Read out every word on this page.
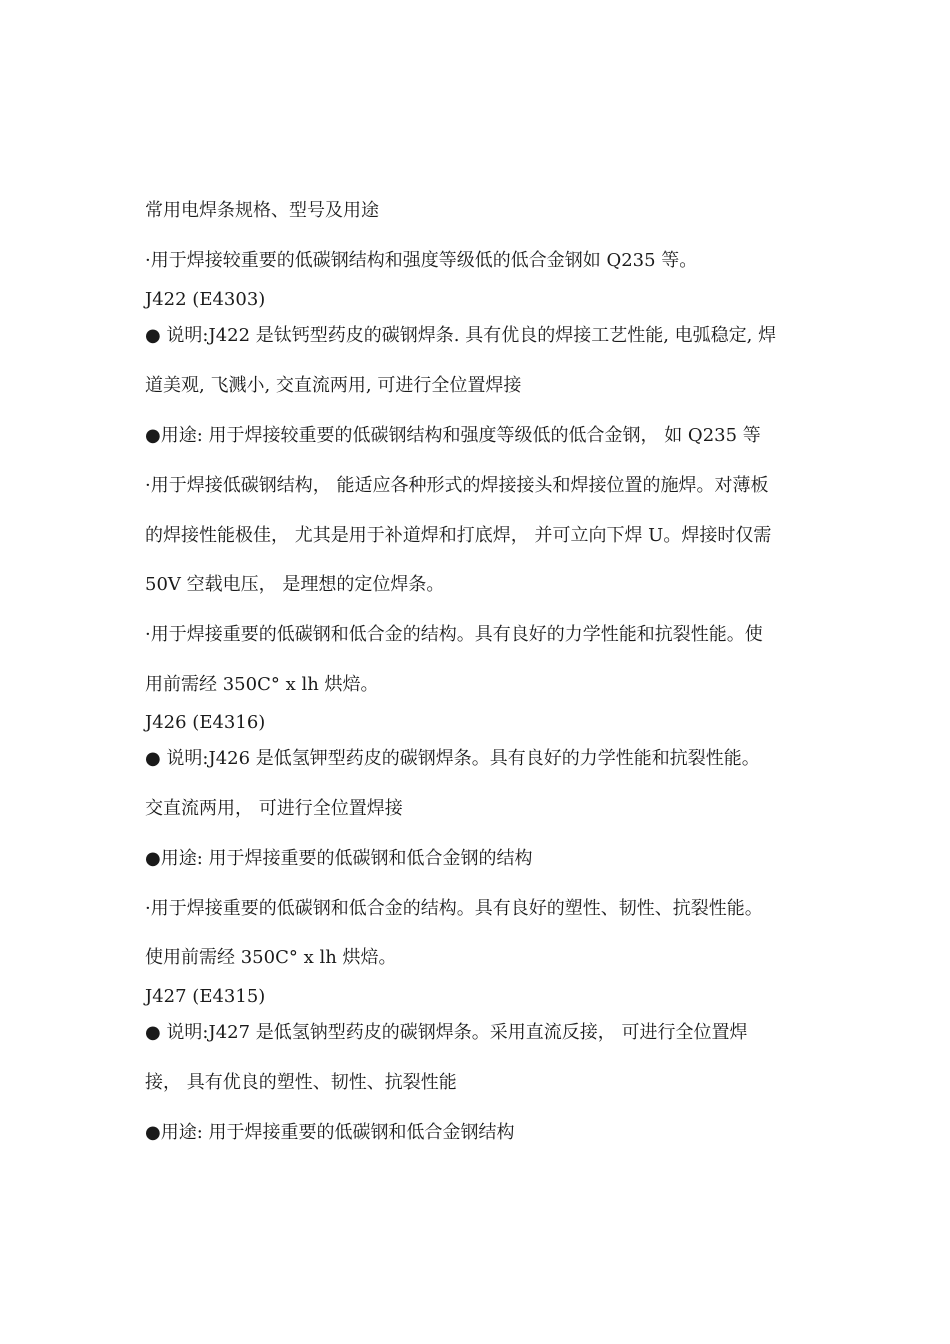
常用电焊条规格、型号及用途

·用于焊接较重要的低碳钢结构和强度等级低的低合金钢如 Q235 等。

J422 (E4303)

● 说明:J422 是钛钙型药皮的碳钢焊条. 具有优良的焊接工艺性能, 电弧稳定, 焊

道美观, 飞溅小, 交直流两用, 可进行全位置焊接

●用途: 用于焊接较重要的低碳钢结构和强度等级低的低合金钢， 如 Q235 等

·用于焊接低碳钢结构， 能适应各种形式的焊接接头和焊接位置的施焊。对薄板

的焊接性能极佳， 尤其是用于补道焊和打底焊， 并可立向下焊 U。焊接时仅需

50V 空载电压， 是理想的定位焊条。

·用于焊接重要的低碳钢和低合金的结构。具有良好的力学性能和抗裂性能。使

用前需经 350C° x lh 烘焙。

J426 (E4316)

● 说明:J426 是低氢钾型药皮的碳钢焊条。具有良好的力学性能和抗裂性能。

交直流两用， 可进行全位置焊接

●用途: 用于焊接重要的低碳钢和低合金钢的结构

·用于焊接重要的低碳钢和低合金的结构。具有良好的塑性、韧性、抗裂性能。

使用前需经 350C° x lh 烘焙。

J427 (E4315)

● 说明:J427 是低氢钠型药皮的碳钢焊条。采用直流反接， 可进行全位置焊

接， 具有优良的塑性、韧性、抗裂性能

●用途: 用于焊接重要的低碳钢和低合金钢结构
